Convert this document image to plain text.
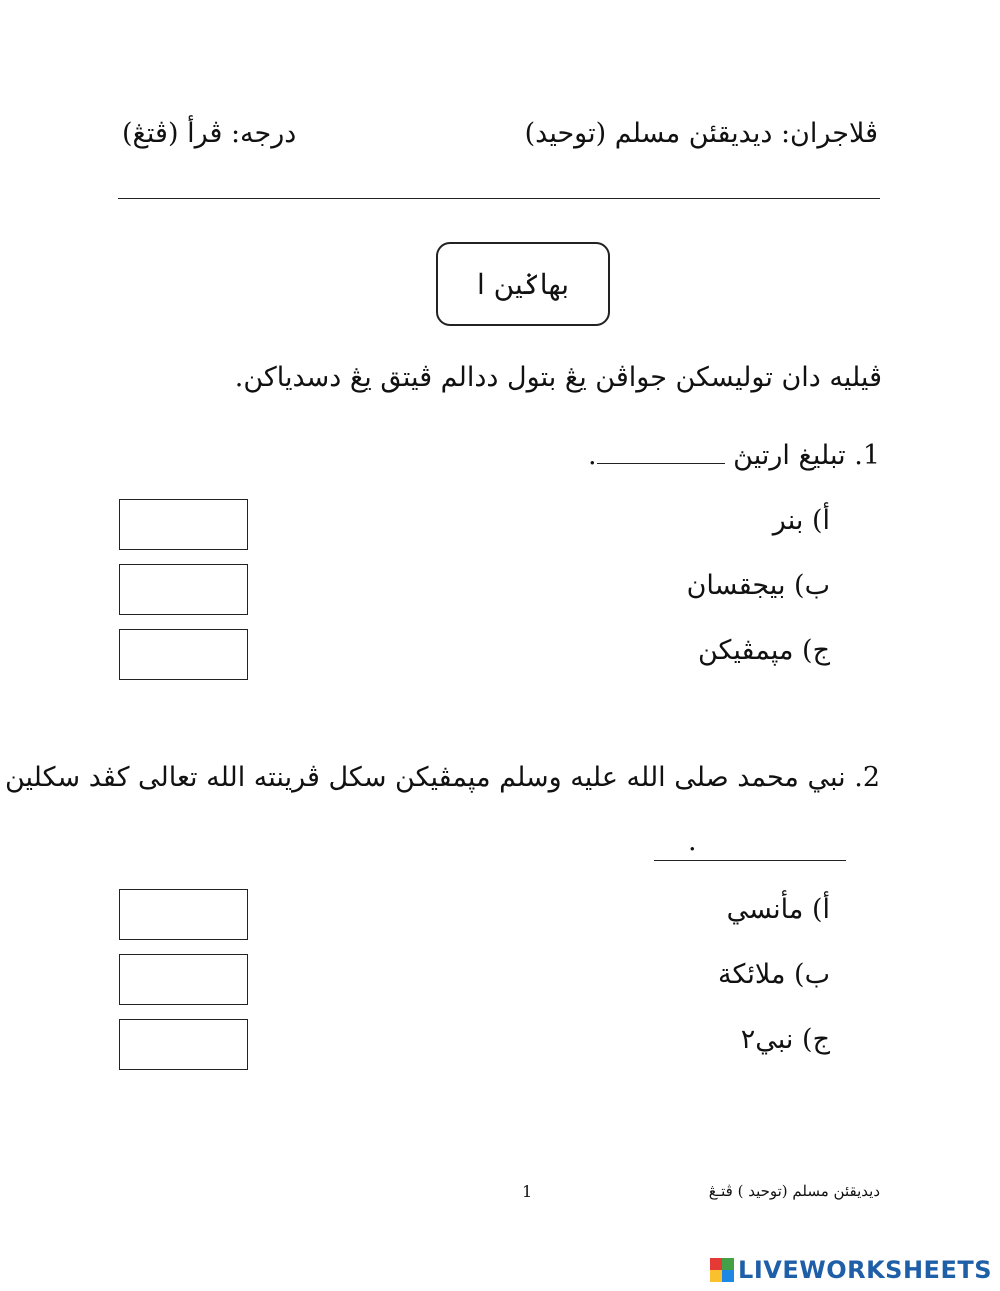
ڤلاجران: ديديقئن مسلم (توحيد)
درجه: ڤرأ (ڤتڠ)
بهاݢين ا
ڤيليه دان توليسکن جواڤن يڠ بتول ددالم ڤيتق يڠ دسدياکن.
1. تبليغ ارتيڽ .
أ) بنر
ب) بيجقسان
ج) مپمڤيکن
2. نبي محمد صلى الله عليه وسلم مپمڤيکن سکل ڤرينته الله تعالى کڤد سکلين
.
أ) مأنسي
ب) ملائکة
ج) نبي٢
ديديقئن مسلم (توحيد ) ڤتـڠ
1
LIVEWORKSHEETS
